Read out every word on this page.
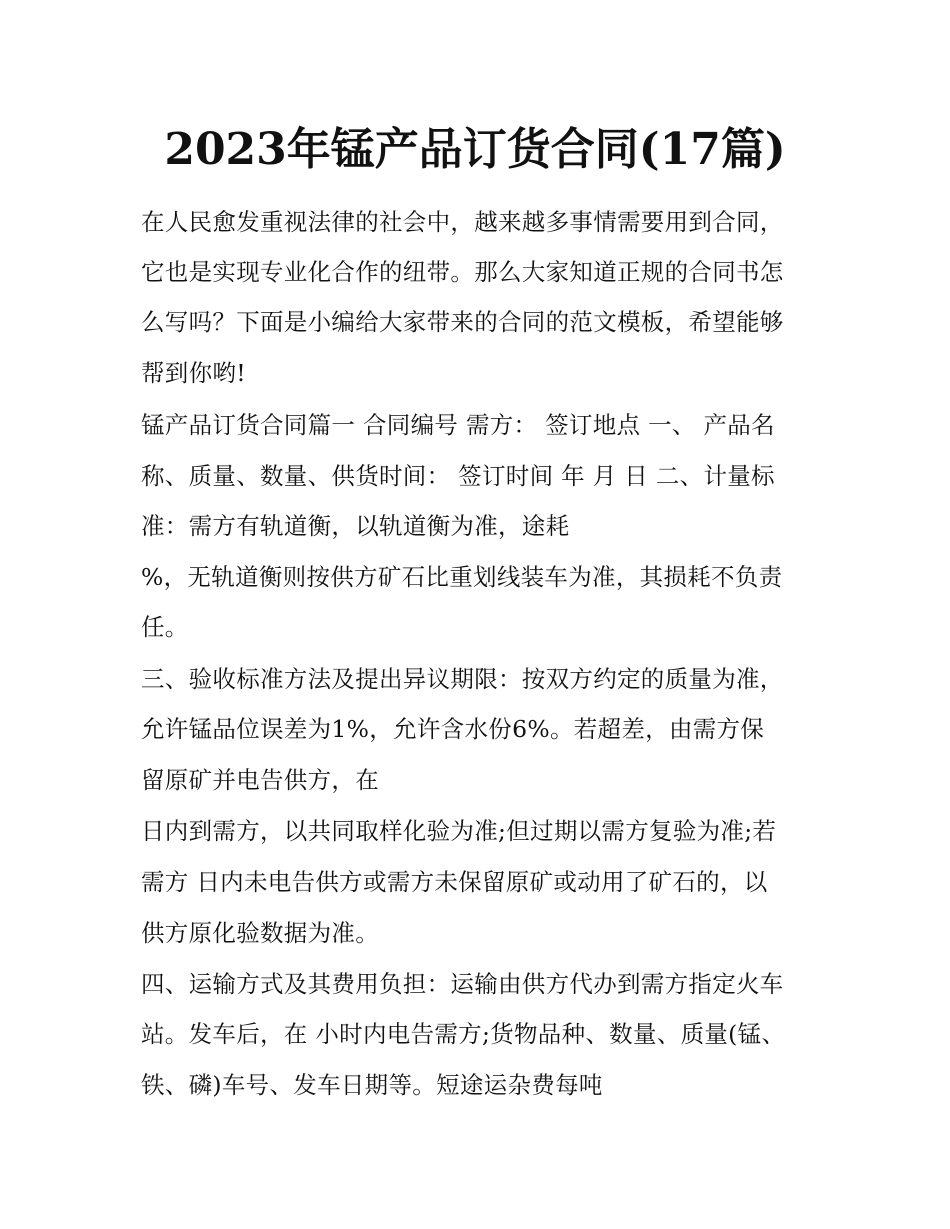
2023年锰产品订货合同(17篇)
在人民愈发重视法律的社会中，越来越多事情需要用到合同，
它也是实现专业化合作的纽带。那么大家知道正规的合同书怎
么写吗？下面是小编给大家带来的合同的范文模板，希望能够
帮到你哟!
锰产品订货合同篇一 合同编号 需方： 签订地点 一、 产品名
称、质量、数量、供货时间： 签订时间 年 月 日 二、计量标
准：需方有轨道衡，以轨道衡为准，途耗
%，无轨道衡则按供方矿石比重划线装车为准，其损耗不负责
任。
三、验收标准方法及提出异议期限：按双方约定的质量为准，
允许锰品位误差为1%，允许含水份6%。若超差，由需方保
留原矿并电告供方，在
日内到需方，以共同取样化验为准;但过期以需方复验为准;若
需方 日内未电告供方或需方未保留原矿或动用了矿石的，以
供方原化验数据为准。
四、运输方式及其费用负担：运输由供方代办到需方指定火车
站。发车后，在 小时内电告需方;货物品种、数量、质量(锰、
铁、磷)车号、发车日期等。短途运杂费每吨
